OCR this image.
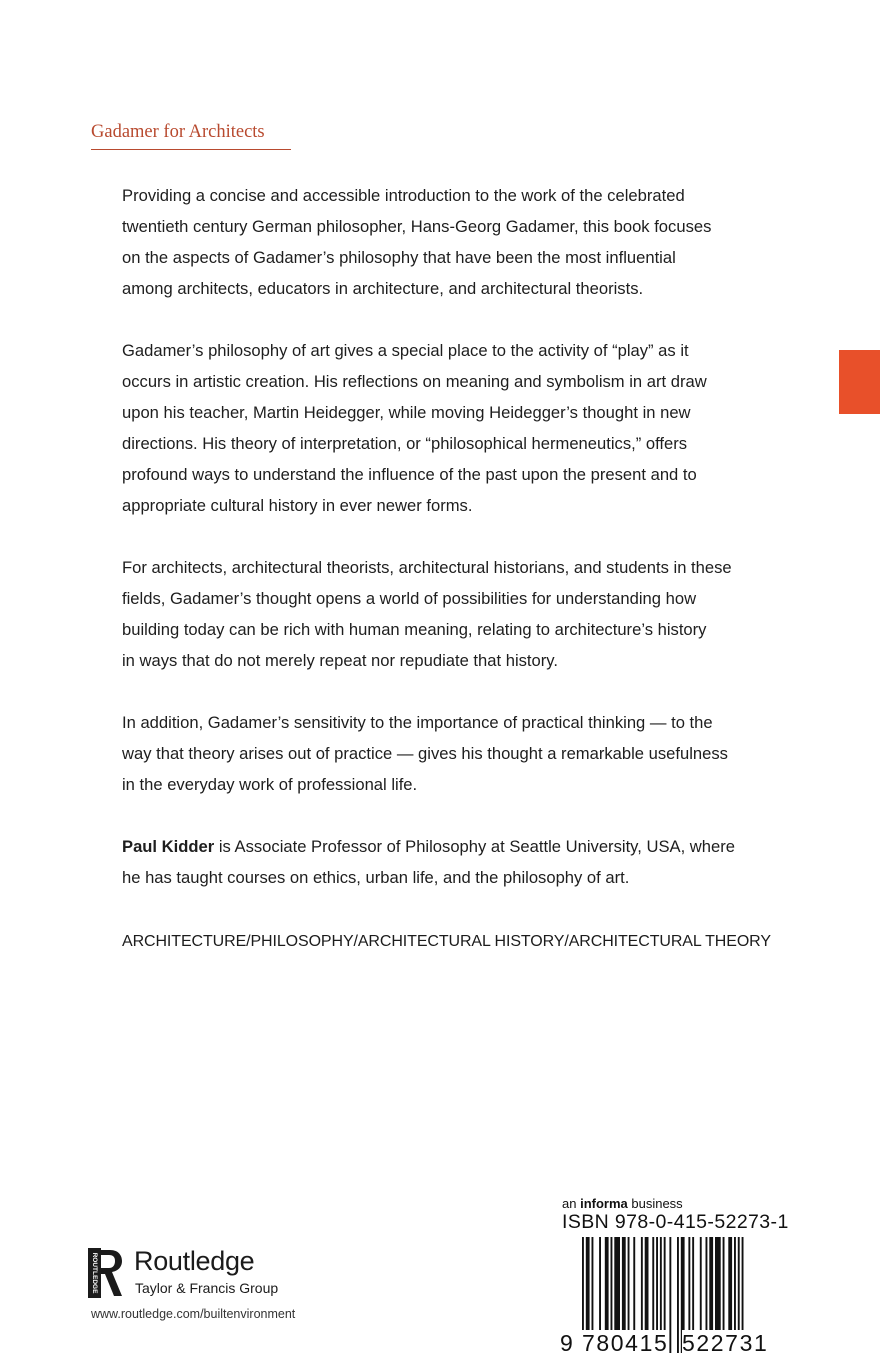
Gadamer for Architects

Providing a concise and accessible introduction to the work of the celebrated
twentieth century German philosopher, Hans-Georg Gadamer, this book focuses
on the aspects of Gadamer’s philosophy that have been the most influential
among architects, educators in architecture, and architectural theorists.

Gadamer’s philosophy of art gives a special place to the activity of “play” as it
occurs in artistic creation. His reflections on meaning and symbolism in art draw
upon his teacher, Martin Heidegger, while moving Heidegger’s thought in new
directions. His theory of interpretation, or “philosophical hermeneutics,” offers
profound ways to understand the influence of the past upon the present and to
appropriate cultural history in ever newer forms.

For architects, architectural theorists, architectural historians, and students in these
fields, Gadamer’s thought opens a world of possibilities for understanding how
building today can be rich with human meaning, relating to architecture’s history
in ways that do not merely repeat nor repudiate that history.

In addition, Gadamer’s sensitivity to the importance of practical thinking — to the
way that theory arises out of practice — gives his thought a remarkable usefulness
in the everyday work of professional life.

Paul Kidder is Associate Professor of Philosophy at Seattle University, USA, where
he has taught courses on ethics, urban life, and the philosophy of art.

ARCHITECTURE/PHILOSOPHY/ARCHITECTURAL HISTORY/ARCHITECTURAL THEORY

ROUTLEDGE Routledge
Taylor & Francis Group
www.routledge.com/builtenvironment
an informa business
ISBN 978-0-415-52273-1
9 780415 522731
